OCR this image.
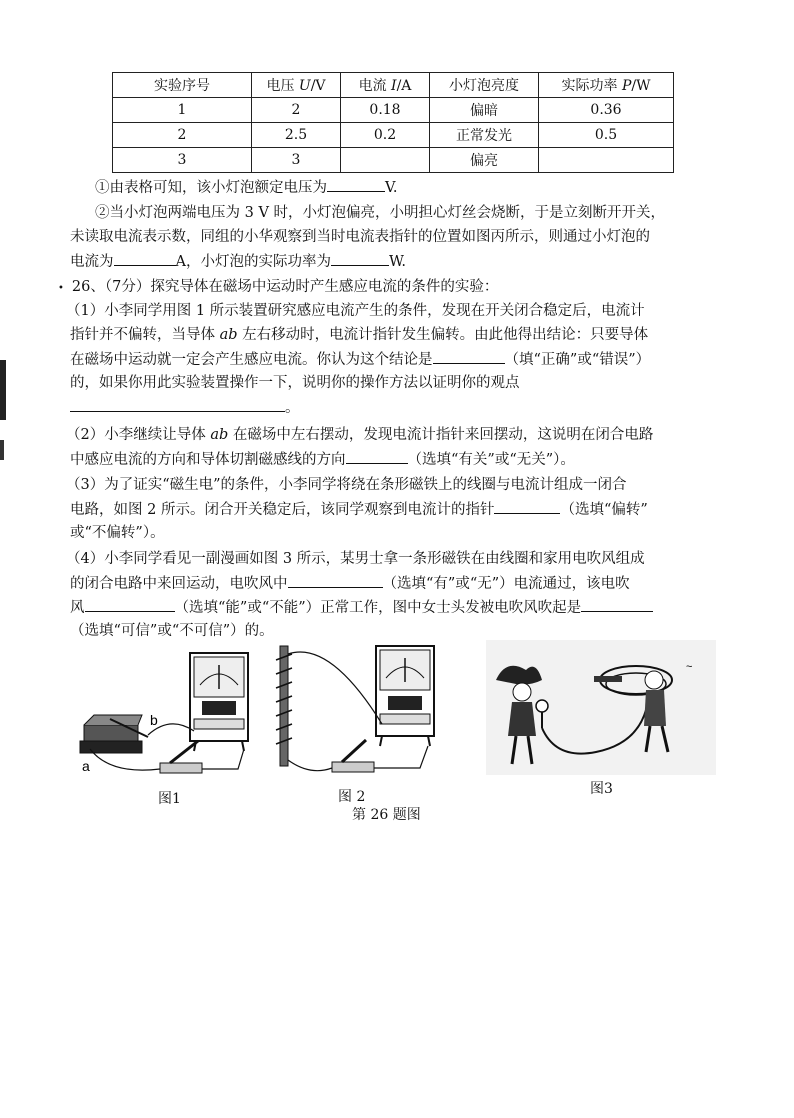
实验序号	电压 U/V	电流 I/A	小灯泡亮度	实际功率 P/W
1	2	0.18	偏暗	0.36
2	2.5	0.2	正常发光	0.5
3	3		偏亮	
①由表格可知，该小灯泡额定电压为	V.
②当小灯泡两端电压为 3 V 时，小灯泡偏亮，小明担心灯丝会烧断，于是立刻断开开关，
未读取电流表示数，同组的小华观察到当时电流表指针的位置如图丙所示，则通过小灯泡的
电流为	A，小灯泡的实际功率为	W.
• 26、（7分）探究导体在磁场中运动时产生感应电流的条件的实验：
（1）小李同学用图 1 所示装置研究感应电流产生的条件，发现在开关闭合稳定后，电流计
指针并不偏转，当导体 ab 左右移动时，电流计指针发生偏转。由此他得出结论：只要导体
在磁场中运动就一定会产生感应电流。你认为这个结论是	（填“正确”或“错误”）
的，如果你用此实验装置操作一下，说明你的操作方法以证明你的观点
。
（2）小李继续让导体 ab 在磁场中左右摆动，发现电流计指针来回摆动，这说明在闭合电路
中感应电流的方向和导体切割磁感线的方向	（选填“有关”或“无关”）。
（3）为了证实“磁生电”的条件，小李同学将绕在条形磁铁上的线圈与电流计组成一闭合
电路，如图 2 所示。闭合开关稳定后，该同学观察到电流计的指针	（选填“偏转”
或“不偏转”）。
（4）小李同学看见一副漫画如图 3 所示，某男士拿一条形磁铁在由线圈和家用电吹风组成
的闭合电路中来回运动，电吹风中	（选填“有”或“无”）电流通过，该电吹
风	（选填“能”或“不能”）正常工作，图中女士头发被电吹风吹起是
（选填“可信”或“不可信”）的。
b
a
~
图1	图 2	图3
第 26 题图
